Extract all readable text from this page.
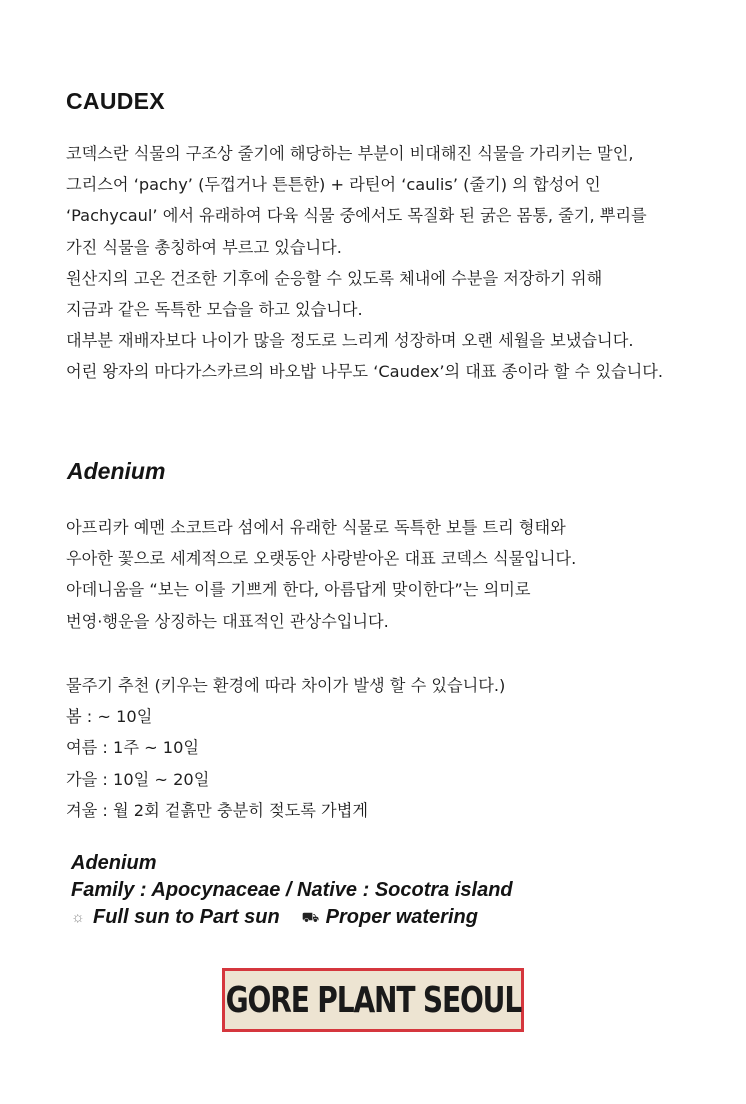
CAUDEX
코덱스란 식물의 구조상 줄기에 해당하는 부분이 비대해진 식물을 가리키는 말인,
그리스어 ‘pachy’ (두껍거나 튼튼한) + 라틴어 ‘caulis’ (줄기) 의 합성어 인
‘Pachycaul’ 에서 유래하여 다육 식물 중에서도 목질화 된 굵은 몸통, 줄기, 뿌리를
가진 식물을 총칭하여 부르고 있습니다.
원산지의 고온 건조한 기후에 순응할 수 있도록 체내에 수분을 저장하기 위해
지금과 같은 독특한 모습을 하고 있습니다.
대부분 재배자보다 나이가 많을 정도로 느리게 성장하며 오랜 세월을 보냈습니다.
어린 왕자의 마다가스카르의 바오밥 나무도 ‘Caudex’의 대표 종이라 할 수 있습니다.
Adenium
아프리카 예멘 소코트라 섬에서 유래한 식물로 독특한 보틀 트리 형태와
우아한 꽃으로 세계적으로 오랫동안 사랑받아온 대표 코덱스 식물입니다.
아데니움을 “보는 이를 기쁘게 한다, 아름답게 맞이한다”는 의미로
번영·행운을 상징하는 대표적인 관상수입니다.
물주기 추천 (키우는 환경에 따라 차이가 발생 할 수 있습니다.)
봄 : ~ 10일
여름 : 1주 ~ 10일
가을 : 10일 ~ 20일
겨울 : 월 2회 겉흙만 충분히 젖도록 가볍게
Adenium
Family : Apocynaceae / Native : Socotra island
☼ Full sun to Part sun ⛟ Proper watering
GORE PLANT SEOUL
